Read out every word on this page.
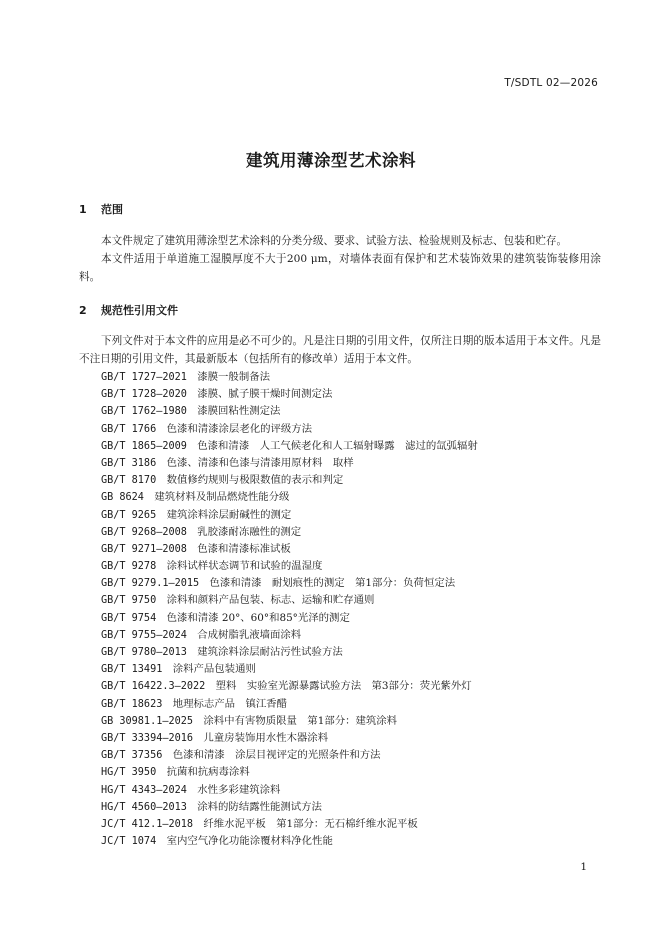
T/SDTL 02—2026
建筑用薄涂型艺术涂料
1 范围

本文件规定了建筑用薄涂型艺术涂料的分类分级、要求、试验方法、检验规则及标志、包装和贮存。

本文件适用于单道施工湿膜厚度不大于200 μm，对墙体表面有保护和艺术装饰效果的建筑装饰装修用涂料。

2 规范性引用文件

下列文件对于本文件的应用是必不可少的。凡是注日期的引用文件，仅所注日期的版本适用于本文件。凡是不注日期的引用文件，其最新版本（包括所有的修改单）适用于本文件。

GB/T 1727—2021　 漆膜一般制备法
GB/T 1728—2020　 漆膜、腻子膜干燥时间测定法
GB/T 1762—1980　 漆膜回粘性测定法
GB/T 1766　 色漆和清漆涂层老化的评级方法
GB/T 1865—2009　 色漆和清漆　人工气候老化和人工辐射曝露　滤过的氙弧辐射
GB/T 3186　 色漆、清漆和色漆与清漆用原材料　取样
GB/T 8170　 数值修约规则与极限数值的表示和判定
GB 8624　 建筑材料及制品燃烧性能分级
GB/T 9265　 建筑涂料涂层耐碱性的测定
GB/T 9268—2008　 乳胶漆耐冻融性的测定
GB/T 9271—2008　 色漆和清漆标准试板
GB/T 9278　 涂料试样状态调节和试验的温湿度
GB/T 9279.1—2015　 色漆和清漆　耐划痕性的测定　第1部分：负荷恒定法
GB/T 9750　 涂料和颜料产品包装、标志、运输和贮存通则
GB/T 9754　 色漆和清漆 20°、60°和85°光泽的测定
GB/T 9755—2024　 合成树脂乳液墙面涂料
GB/T 9780—2013　 建筑涂料涂层耐沾污性试验方法
GB/T 13491　 涂料产品包装通则
GB/T 16422.3—2022　 塑料　实验室光源暴露试验方法　第3部分：荧光紫外灯
GB/T 18623　 地理标志产品　镇江香醋
GB 30981.1—2025　 涂料中有害物质限量　第1部分：建筑涂料
GB/T 33394—2016　 儿童房装饰用水性木器涂料
GB/T 37356　 色漆和清漆　涂层目视评定的光照条件和方法
HG/T 3950　 抗菌和抗病毒涂料
HG/T 4343—2024　 水性多彩建筑涂料
HG/T 4560—2013　 涂料的防结露性能测试方法
JC/T 412.1—2018　 纤维水泥平板　第1部分：无石棉纤维水泥平板
JC/T 1074　 室内空气净化功能涂覆材料净化性能
1
